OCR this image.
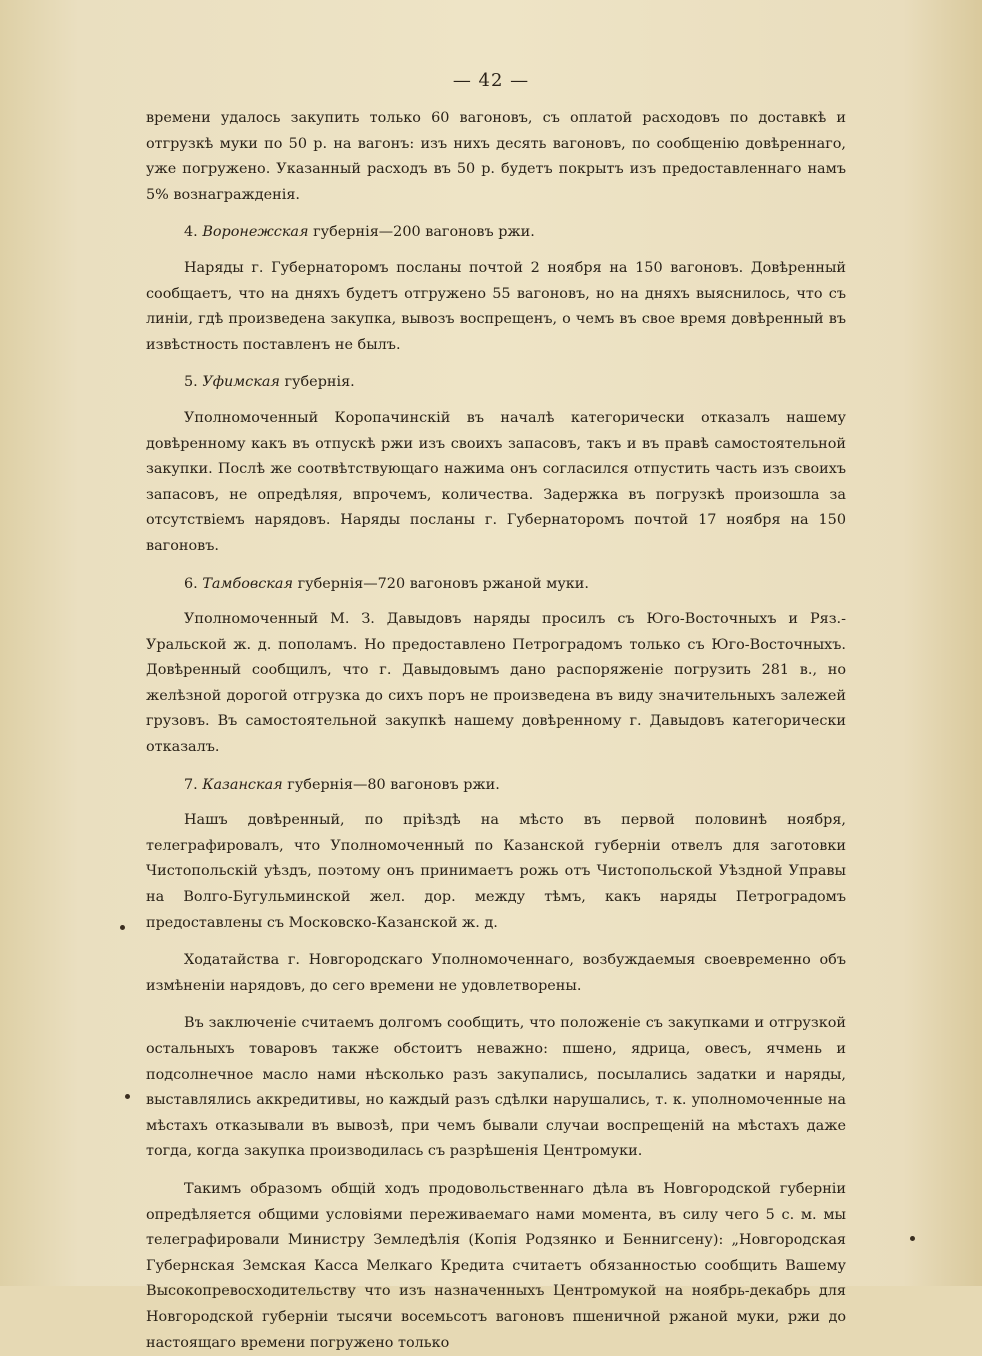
— 42 —

времени удалось закупить только 60 вагоновъ, съ оплатой расходовъ по доставкѣ и отгрузкѣ муки по 50 р. на вагонъ: изъ нихъ десять вагоновъ, по сообщенію довѣреннаго, уже погружено. Указанный расходъ въ 50 р. будетъ покрытъ изъ предоставленнаго намъ 5% вознагражденія.

4. Воронежская губернія—200 вагоновъ ржи.

Наряды г. Губернаторомъ посланы почтой 2 ноября на 150 вагоновъ. Довѣренный сообщаетъ, что на дняхъ будетъ отгружено 55 вагоновъ, но на дняхъ выяснилось, что съ линіи, гдѣ произведена закупка, вывозъ воспрещенъ, о чемъ въ свое время довѣренный въ извѣстность поставленъ не былъ.

5. Уфимская губернія.

Уполномоченный Коропачинскій въ началѣ категорически отказалъ нашему довѣренному какъ въ отпускѣ ржи изъ своихъ запасовъ, такъ и въ правѣ самостоятельной закупки. Послѣ же соотвѣтствующаго нажима онъ согласился отпустить часть изъ своихъ запасовъ, не опредѣляя, впрочемъ, количества. Задержка въ погрузкѣ произошла за отсутствіемъ нарядовъ. Наряды посланы г. Губернаторомъ почтой 17 ноября на 150 вагоновъ.

6. Тамбовская губернія—720 вагоновъ ржаной муки.

Уполномоченный М. З. Давыдовъ наряды просилъ съ Юго-Восточныхъ и Ряз.-Уральской ж. д. пополамъ. Но предоставлено Петроградомъ только съ Юго-Восточныхъ. Довѣренный сообщилъ, что г. Давыдовымъ дано распоряженіе погрузить 281 в., но желѣзной дорогой отгрузка до сихъ поръ не произведена въ виду значительныхъ залежей грузовъ. Въ самостоятельной закупкѣ нашему довѣренному г. Давыдовъ категорически отказалъ.

7. Казанская губернія—80 вагоновъ ржи.

Нашъ довѣренный, по пріѣздѣ на мѣсто въ первой половинѣ ноября, телеграфировалъ, что Уполномоченный по Казанской губерніи отвелъ для заготовки Чистопольскій уѣздъ, поэтому онъ принимаетъ рожь отъ Чистопольской Уѣздной Управы на Волго-Бугульминской жел. дор. между тѣмъ, какъ наряды Петроградомъ предоставлены съ Московско-Казанской ж. д.

Ходатайства г. Новгородскаго Уполномоченнаго, возбуждаемыя своевременно объ измѣненіи нарядовъ, до сего времени не удовлетворены.

Въ заключеніе считаемъ долгомъ сообщить, что положеніе съ закупками и отгрузкой остальныхъ товаровъ также обстоитъ неважно: пшено, ядрица, овесъ, ячмень и подсолнечное масло нами нѣсколько разъ закупались, посылались задатки и наряды, выставлялись аккредитивы, но каждый разъ сдѣлки нарушались, т. к. уполномоченные на мѣстахъ отказывали въ вывозѣ, при чемъ бывали случаи воспрещеній на мѣстахъ даже тогда, когда закупка производилась съ разрѣшенія Центромуки.

Такимъ образомъ общій ходъ продовольственнаго дѣла въ Новгородской губерніи опредѣляется общими условіями переживаемаго нами момента, въ силу чего 5 с. м. мы телеграфировали Министру Земледѣлія (Копія Родзянко и Беннигсену): „Новгородская Губернская Земская Касса Мелкаго Кредита считаетъ обязанностью сообщить Вашему Высокопревосходительству что изъ назначенныхъ Центромукой на ноябрь-декабрь для Новгородской губерніи тысячи восемьсотъ вагоновъ пшеничной ржаной муки, ржи до настоящаго времени погружено только
